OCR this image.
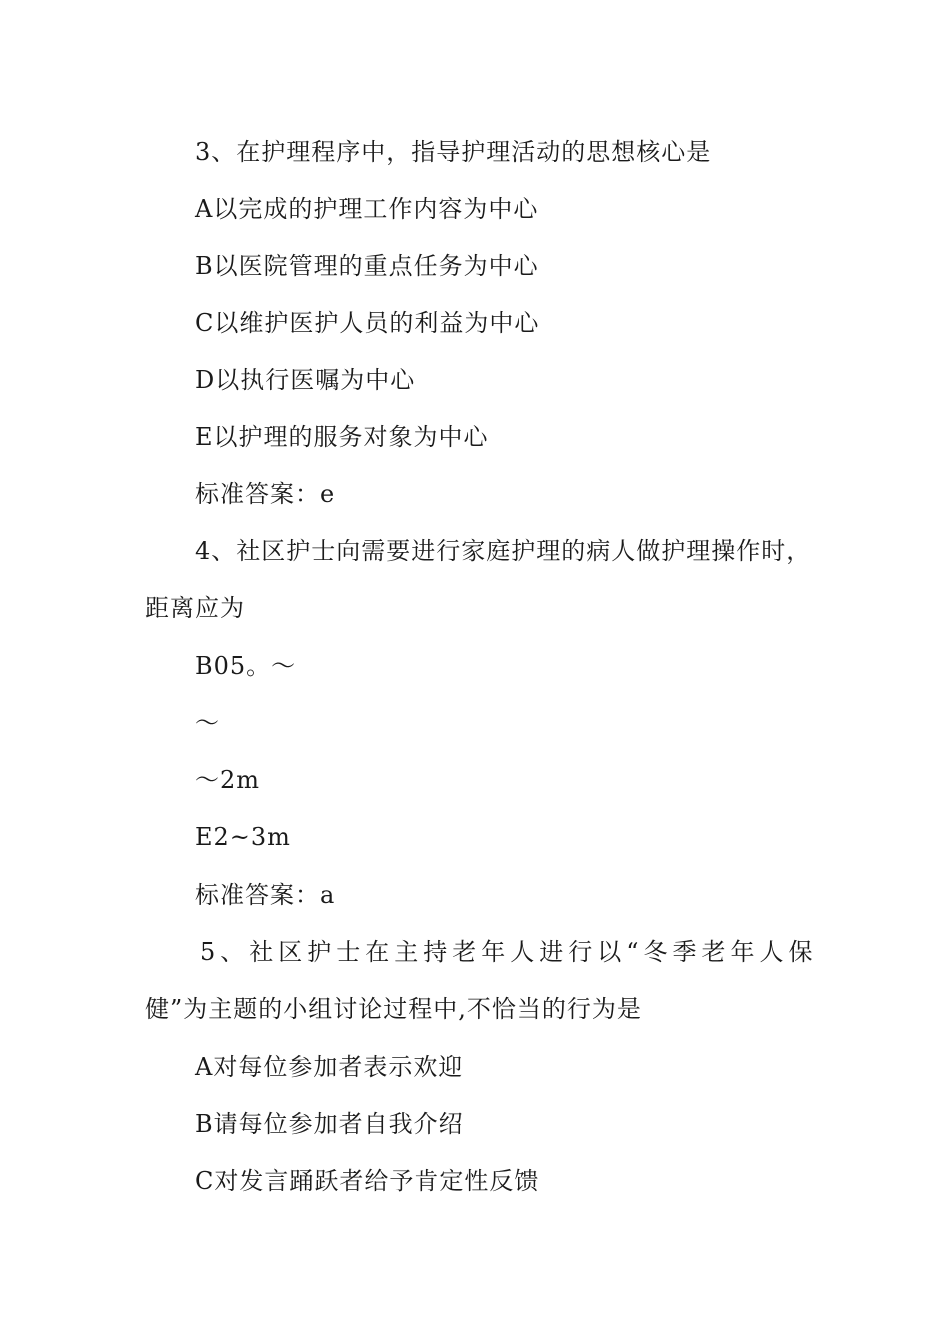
3、在护理程序中，指导护理活动的思想核心是
A以完成的护理工作内容为中心
B以医院管理的重点任务为中心
C以维护医护人员的利益为中心
D以执行医嘱为中心
E以护理的服务对象为中心
标准答案：e
4、社区护士向需要进行家庭护理的病人做护理操作时，
距离应为
B05。～
～
～2m
E2~3m
标准答案：a
5、社区护士在主持老年人进行以“冬季老年人保
健”为主题的小组讨论过程中,不恰当的行为是
A对每位参加者表示欢迎
B请每位参加者自我介绍
C对发言踊跃者给予肯定性反馈
